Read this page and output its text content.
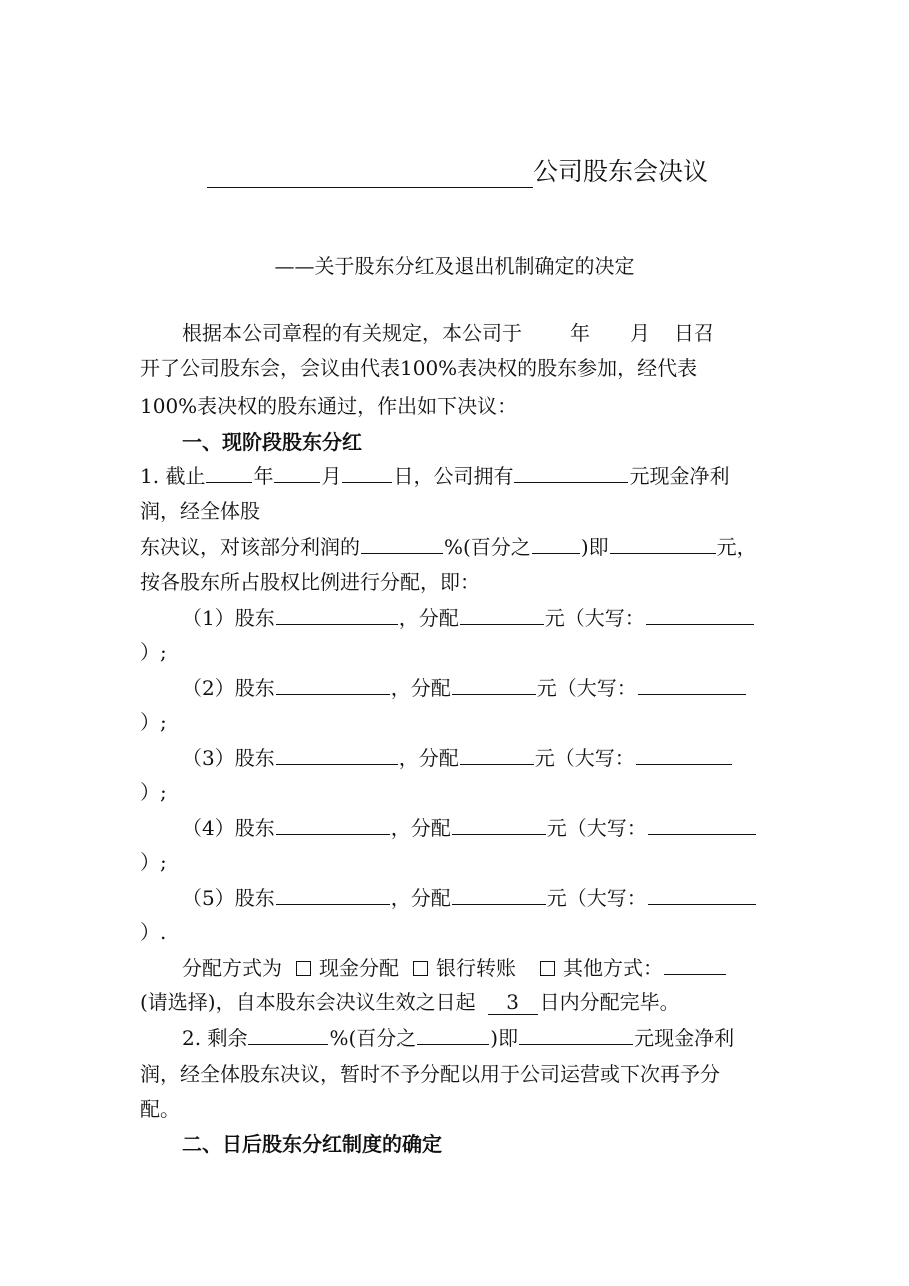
公司股东会决议
——关于股东分红及退出机制确定的决定
根据本公司章程的有关规定，本公司于 年 月 日召
开了公司股东会，会议由代表100%表决权的股东参加，经代表
100%表决权的股东通过，作出如下决议：
一、现阶段股东分红
1. 截止 年 月	日，公司拥有	元现金净利
润，经全体股
东决议，对该部分利润的	%(百分之	)即	元，
按各股东所占股权比例进行分配，即：
（1）股东	，分配	元（大写：
）;
（2）股东	，分配	元（大写：
）;
（3）股东	，分配	元（大写：
）;
（4）股东	，分配	元（大写：
）;
（5）股东	，分配	元（大写：
）.
分配方式为 现金分配 银行转账 其他方式：
(请选择)，自本股东会决议生效之日起 3 日内分配完毕。
2. 剩余	%(百分之	)即	元现金净利
润，经全体股东决议，暂时不予分配以用于公司运营或下次再予分
配。
二、日后股东分红制度的确定
